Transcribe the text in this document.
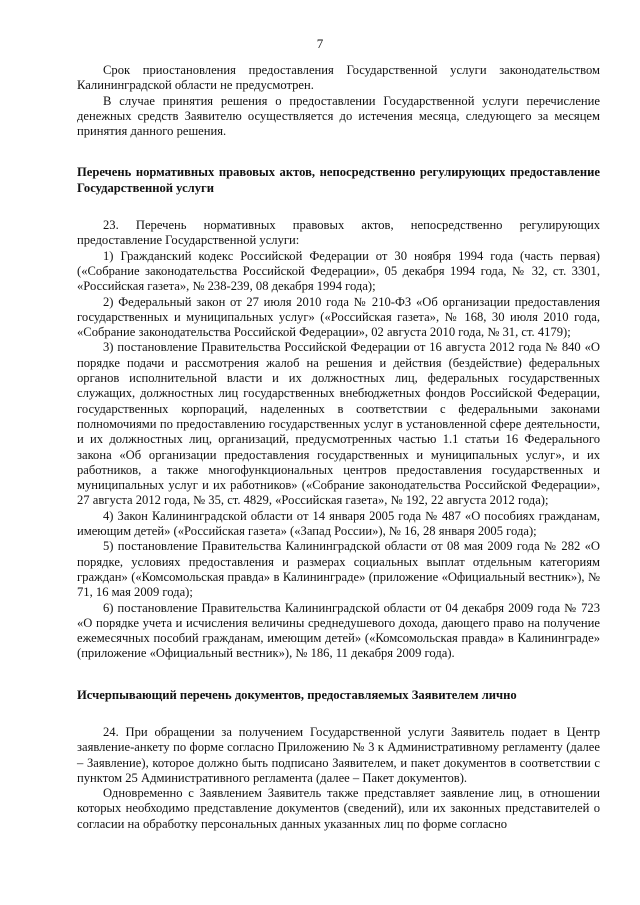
7

Срок приостановления предоставления Государственной услуги законодательством Калининградской области не предусмотрен.

В случае принятия решения о предоставлении Государственной услуги перечисление денежных средств Заявителю осуществляется до истечения месяца, следующего за месяцем принятия данного решения.

Перечень нормативных правовых актов, непосредственно регулирующих предоставление Государственной услуги

23. Перечень нормативных правовых актов, непосредственно регулирующих предоставление Государственной услуги:

1) Гражданский кодекс Российской Федерации от 30 ноября 1994 года (часть первая) («Собрание законодательства Российской Федерации», 05 декабря 1994 года, № 32, ст. 3301, «Российская газета», № 238-239, 08 декабря 1994 года);

2) Федеральный закон от 27 июля 2010 года № 210-ФЗ «Об организации предоставления государственных и муниципальных услуг» («Российская газета», № 168, 30 июля 2010 года, «Собрание законодательства Российской Федерации», 02 августа 2010 года, № 31, ст. 4179);

3) постановление Правительства Российской Федерации от 16 августа 2012 года № 840 «О порядке подачи и рассмотрения жалоб на решения и действия (бездействие) федеральных органов исполнительной власти и их должностных лиц, федеральных государственных служащих, должностных лиц государственных внебюджетных фондов Российской Федерации, государственных корпораций, наделенных в соответствии с федеральными законами полномочиями по предоставлению государственных услуг в установленной сфере деятельности, и их должностных лиц, организаций, предусмотренных частью 1.1 статьи 16 Федерального закона «Об организации предоставления государственных и муниципальных услуг», и их работников, а также многофункциональных центров предоставления государственных и муниципальных услуг и их работников» («Собрание законодательства Российской Федерации», 27 августа 2012 года, № 35, ст. 4829, «Российская газета», № 192, 22 августа 2012 года);

4) Закон Калининградской области от 14 января 2005 года № 487 «О пособиях гражданам, имеющим детей» («Российская газета» («Запад России»), № 16, 28 января 2005 года);

5) постановление Правительства Калининградской области от 08 мая 2009 года № 282 «О порядке, условиях предоставления и размерах социальных выплат отдельным категориям граждан» («Комсомольская правда» в Калининграде» (приложение «Официальный вестник»), № 71, 16 мая 2009 года);

6) постановление Правительства Калининградской области от 04 декабря 2009 года № 723 «О порядке учета и исчисления величины среднедушевого дохода, дающего право на получение ежемесячных пособий гражданам, имеющим детей» («Комсомольская правда» в Калининграде» (приложение «Официальный вестник»), № 186, 11 декабря 2009 года).

Исчерпывающий перечень документов, предоставляемых Заявителем лично

24. При обращении за получением Государственной услуги Заявитель подает в Центр заявление-анкету по форме согласно Приложению № 3 к Административному регламенту (далее – Заявление), которое должно быть подписано Заявителем, и пакет документов в соответствии с пунктом 25 Административного регламента (далее – Пакет документов).

Одновременно с Заявлением Заявитель также представляет заявление лиц, в отношении которых необходимо представление документов (сведений), или их законных представителей о согласии на обработку персональных данных указанных лиц по форме согласно
